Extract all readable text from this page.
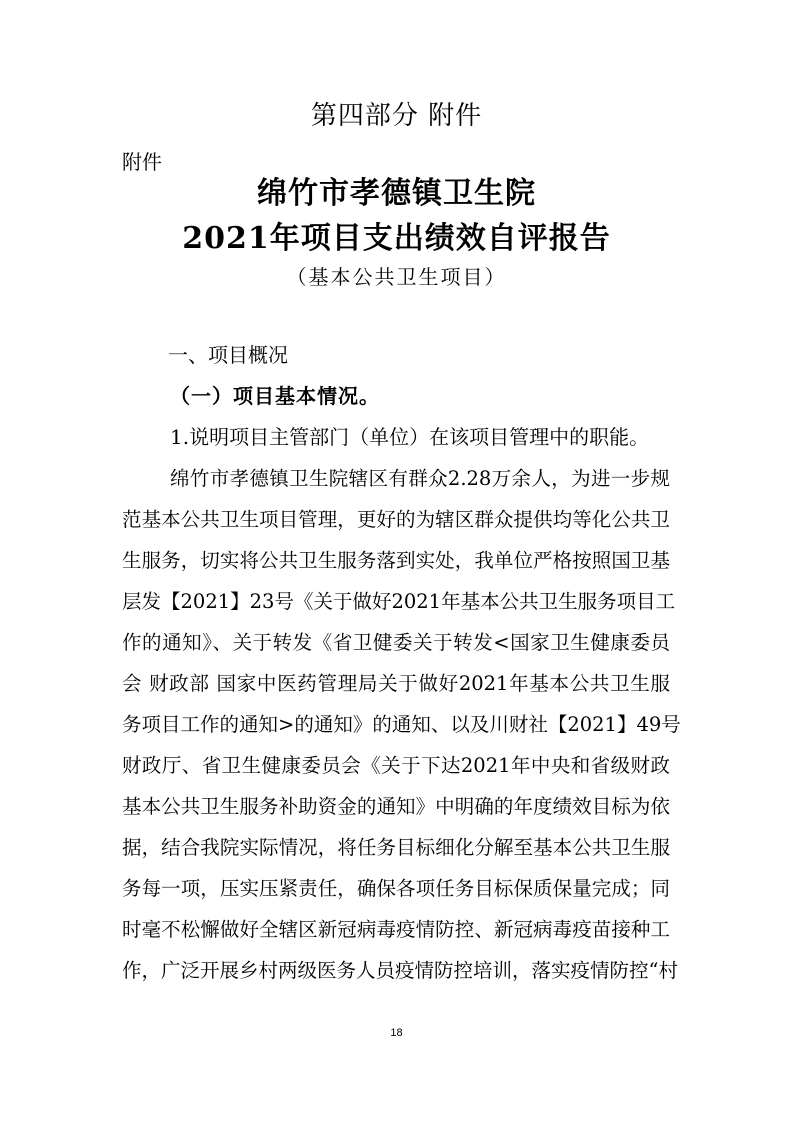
第四部分 附件
附件
绵竹市孝德镇卫生院
2021年项目支出绩效自评报告
（基本公共卫生项目）
一、项目概况
（一）项目基本情况。
1.说明项目主管部门（单位）在该项目管理中的职能。
绵竹市孝德镇卫生院辖区有群众2.28万余人，为进一步规
范基本公共卫生项目管理，更好的为辖区群众提供均等化公共卫
生服务，切实将公共卫生服务落到实处，我单位严格按照国卫基
层发【2021】23号《关于做好2021年基本公共卫生服务项目工
作的通知》、关于转发《省卫健委关于转发<国家卫生健康委员
会 财政部 国家中医药管理局关于做好2021年基本公共卫生服
务项目工作的通知>的通知》的通知、以及川财社【2021】49号
财政厅、省卫生健康委员会《关于下达2021年中央和省级财政
基本公共卫生服务补助资金的通知》中明确的年度绩效目标为依
据，结合我院实际情况，将任务目标细化分解至基本公共卫生服
务每一项，压实压紧责任，确保各项任务目标保质保量完成；同
时毫不松懈做好全辖区新冠病毒疫情防控、新冠病毒疫苗接种工
作，广泛开展乡村两级医务人员疫情防控培训，落实疫情防控“村
18
